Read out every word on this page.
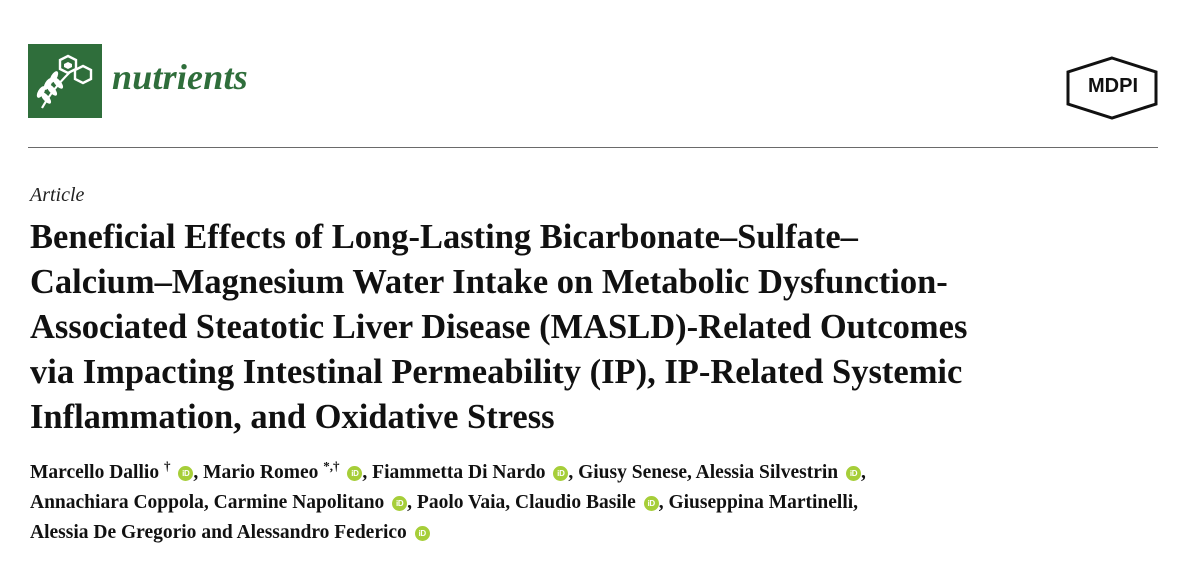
nutrients	MDPI
Article
Beneficial Effects of Long-Lasting Bicarbonate–Sulfate–
Calcium–Magnesium Water Intake on Metabolic Dysfunction-
Associated Steatotic Liver Disease (MASLD)-Related Outcomes
via Impacting Intestinal Permeability (IP), IP-Related Systemic
Inflammation, and Oxidative Stress

Marcello Dallio † iD , Mario Romeo *,† iD , Fiammetta Di Nardo iD , Giusy Senese, Alessia Silvestrin iD ,
Annachiara Coppola, Carmine Napolitano iD , Paolo Vaia, Claudio Basile iD , Giuseppina Martinelli,
Alessia De Gregorio and Alessandro Federico iD
